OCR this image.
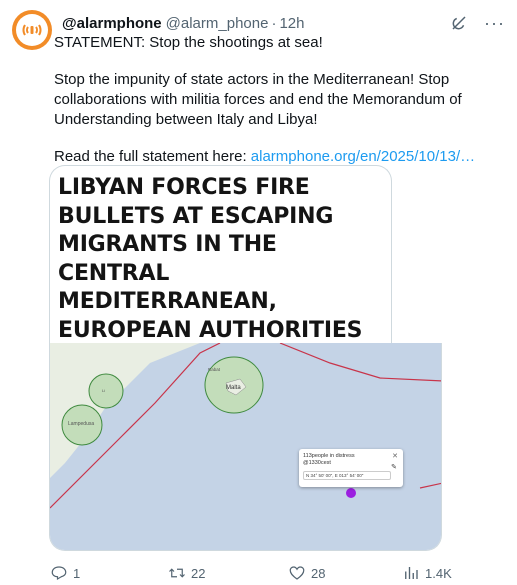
@alarmphone @alarm_phone · 12h	···

STATEMENT: Stop the shootings at sea!

Stop the impunity of state actors in the Mediterranean! Stop collaborations with militia forces and end the Memorandum of Understanding between Italy and Libya!

Read the full statement here: alarmphone.org/en/2025/10/13/…

LIBYAN FORCES FIRE BULLETS AT ESCAPING MIGRANTS IN THE CENTRAL MEDITERRANEAN, EUROPEAN AUTHORITIES
Li
Lampedusa
Malta
Rabat
113people in distress
@1330cest
✕
✎
N 34° 50' 00", E 013° 54' 00"
1	22	28	1.4K
